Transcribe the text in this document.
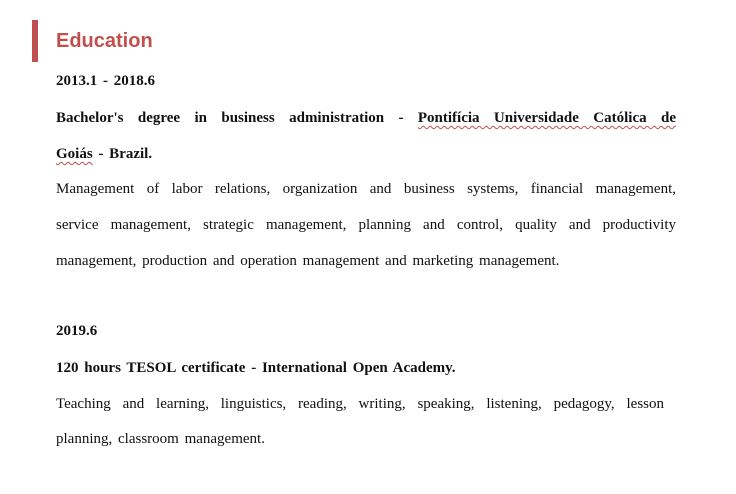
Education
2013.1 - 2018.6
Bachelor's degree in business administration - Pontifícia Universidade Católica de
Goiás - Brazil.
Management of labor relations, organization and business systems, financial management,
service management, strategic management, planning and control, quality and productivity
management, production and operation management and marketing management.
2019.6
120 hours TESOL certificate - International Open Academy.
Teaching and learning, linguistics, reading, writing, speaking, listening, pedagogy, lesson
planning, classroom management.
